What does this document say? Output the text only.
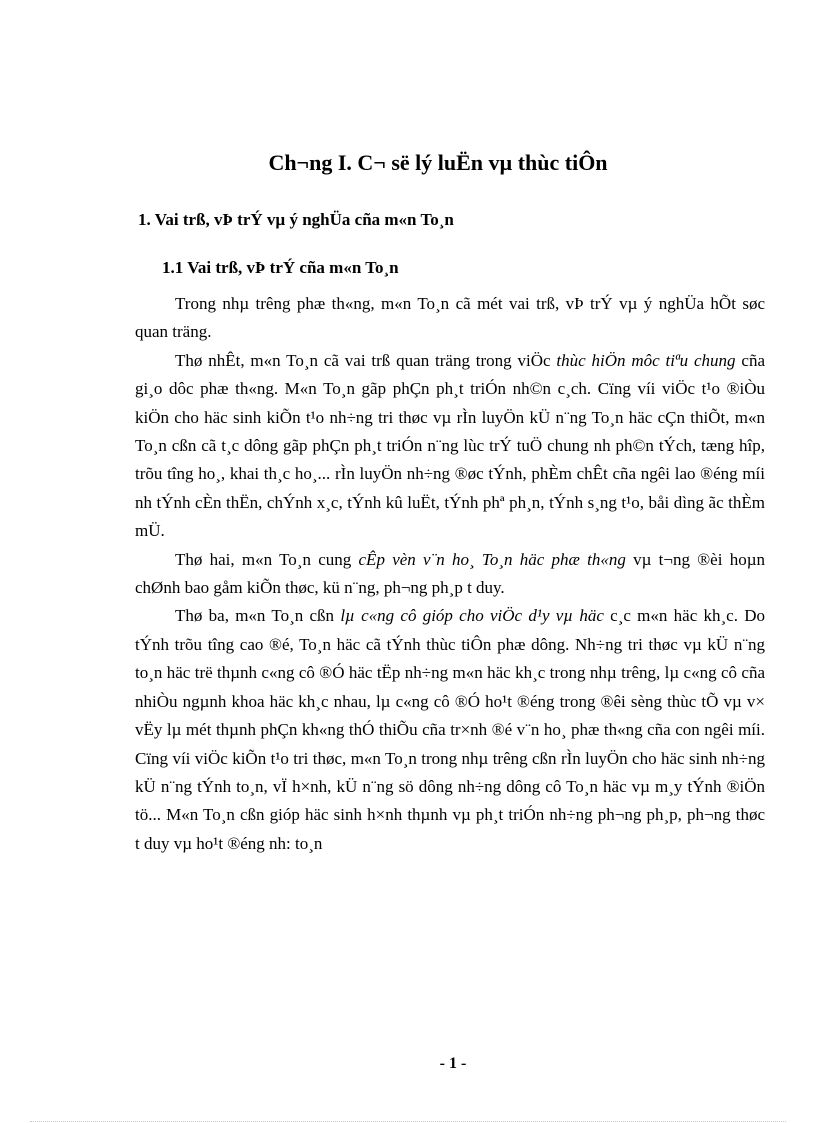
Ch¬ng I. C¬ së lý luËn vµ thùc tiÔn
1. Vai trß, vÞ trÝ vµ ý nghÜa cña m«n To¸n
1.1 Vai trß, vÞ trÝ cña m«n To¸n

Trong nhµ trêng phæ th«ng, m«n To¸n cã mét vai trß, vÞ trÝ vµ ý nghÜa hÕt søc quan träng.

Thø nhÊt, m«n To¸n cã vai trß quan träng trong viÖc thùc hiÖn môc tiªu chung cña gi¸o dôc phæ th«ng. M«n To¸n gãp phÇn ph¸t triÓn nh©n c¸ch. Cïng víi viÖc t¹o ®iÒu kiÖn cho häc sinh kiÕn t¹o nh÷ng tri thøc vµ rÌn luyÖn kÜ n¨ng To¸n häc cÇn thiÕt, m«n To¸n cßn cã t¸c dông gãp phÇn ph¸t triÓn n¨ng lùc trÝ tuÖ chung nh ph©n tÝch, tæng hîp, trõu tîng ho¸, khai th¸c ho¸... rÌn luyÖn nh÷ng ®øc tÝnh, phÈm chÊt cña ngêi lao ®éng míi nh tÝnh cÈn thËn, chÝnh x¸c, tÝnh kû luËt, tÝnh phª ph¸n, tÝnh s¸ng t¹o, båi dìng ãc thÈm mÜ.

Thø hai, m«n To¸n cung cÊp vèn v¨n ho¸ To¸n häc phæ th«ng vµ t¬ng ®èi hoµn chØnh bao gåm kiÕn thøc, kü n¨ng, ph¬ng ph¸p t duy.

Thø ba, m«n To¸n cßn lµ c«ng cô gióp cho viÖc d¹y vµ häc c¸c m«n häc kh¸c. Do tÝnh trõu tîng cao ®é, To¸n häc cã tÝnh thùc tiÔn phæ dông. Nh÷ng tri thøc vµ kÜ n¨ng to¸n häc trë thµnh c«ng cô ®Ó häc tËp nh÷ng m«n häc kh¸c trong nhµ trêng, lµ c«ng cô cña nhiÒu ngµnh khoa häc kh¸c nhau, lµ c«ng cô ®Ó ho¹t ®éng trong ®êi sèng thùc tÕ vµ v× vËy lµ mét thµnh phÇn kh«ng thÓ thiÕu cña tr×nh ®é v¨n ho¸ phæ th«ng cña con ngêi míi. Cïng víi viÖc kiÕn t¹o tri thøc, m«n To¸n trong nhµ trêng cßn rÌn luyÖn cho häc sinh nh÷ng kÜ n¨ng tÝnh to¸n, vÏ h×nh, kÜ n¨ng sö dông nh÷ng dông cô To¸n häc vµ m¸y tÝnh ®iÖn tö... M«n To¸n cßn gióp häc sinh h×nh thµnh vµ ph¸t triÓn nh÷ng ph¬ng ph¸p, ph¬ng thøc t duy vµ ho¹t ®éng nh: to¸n

- 1 -
